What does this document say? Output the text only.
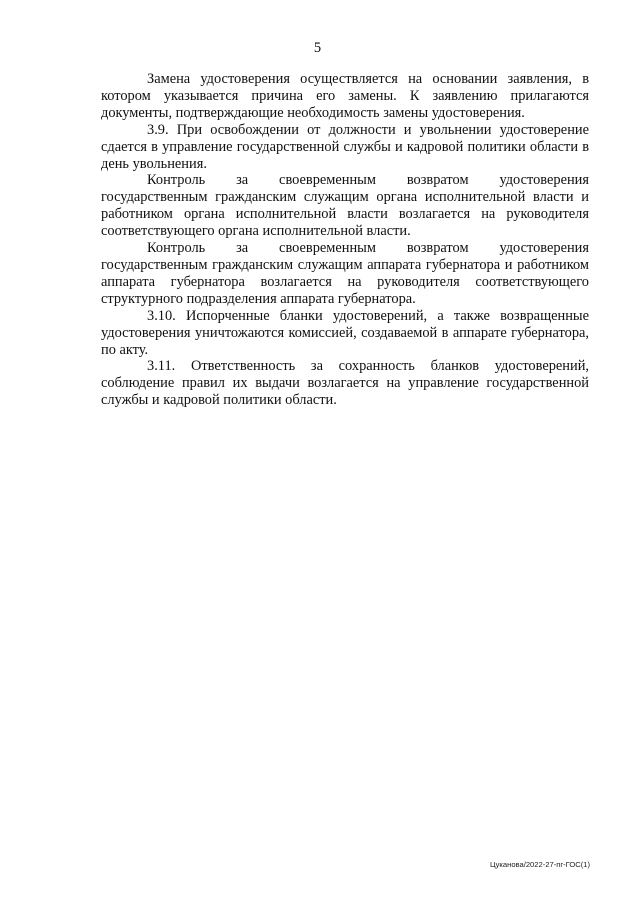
5

Замена удостоверения осуществляется на основании заявления, в котором указывается причина его замены. К заявлению прилагаются документы, подтверждающие необходимость замены удостоверения.

3.9. При освобождении от должности и увольнении удостоверение сдается в управление государственной службы и кадровой политики области в день увольнения.

Контроль за своевременным возвратом удостоверения государственным гражданским служащим органа исполнительной власти и работником органа исполнительной власти возлагается на руководителя соответствующего органа исполнительной власти.

Контроль за своевременным возвратом удостоверения государственным гражданским служащим аппарата губернатора и работником аппарата губернатора возлагается на руководителя соответствующего структурного подразделения аппарата губернатора.

3.10. Испорченные бланки удостоверений, а также возвращенные удостоверения уничтожаются комиссией, создаваемой в аппарате губернатора, по акту.

3.11. Ответственность за сохранность бланков удостоверений, соблюдение правил их выдачи возлагается на управление государственной службы и кадровой политики области.

Цуканова/2022-27-пг-ГОС(1)
